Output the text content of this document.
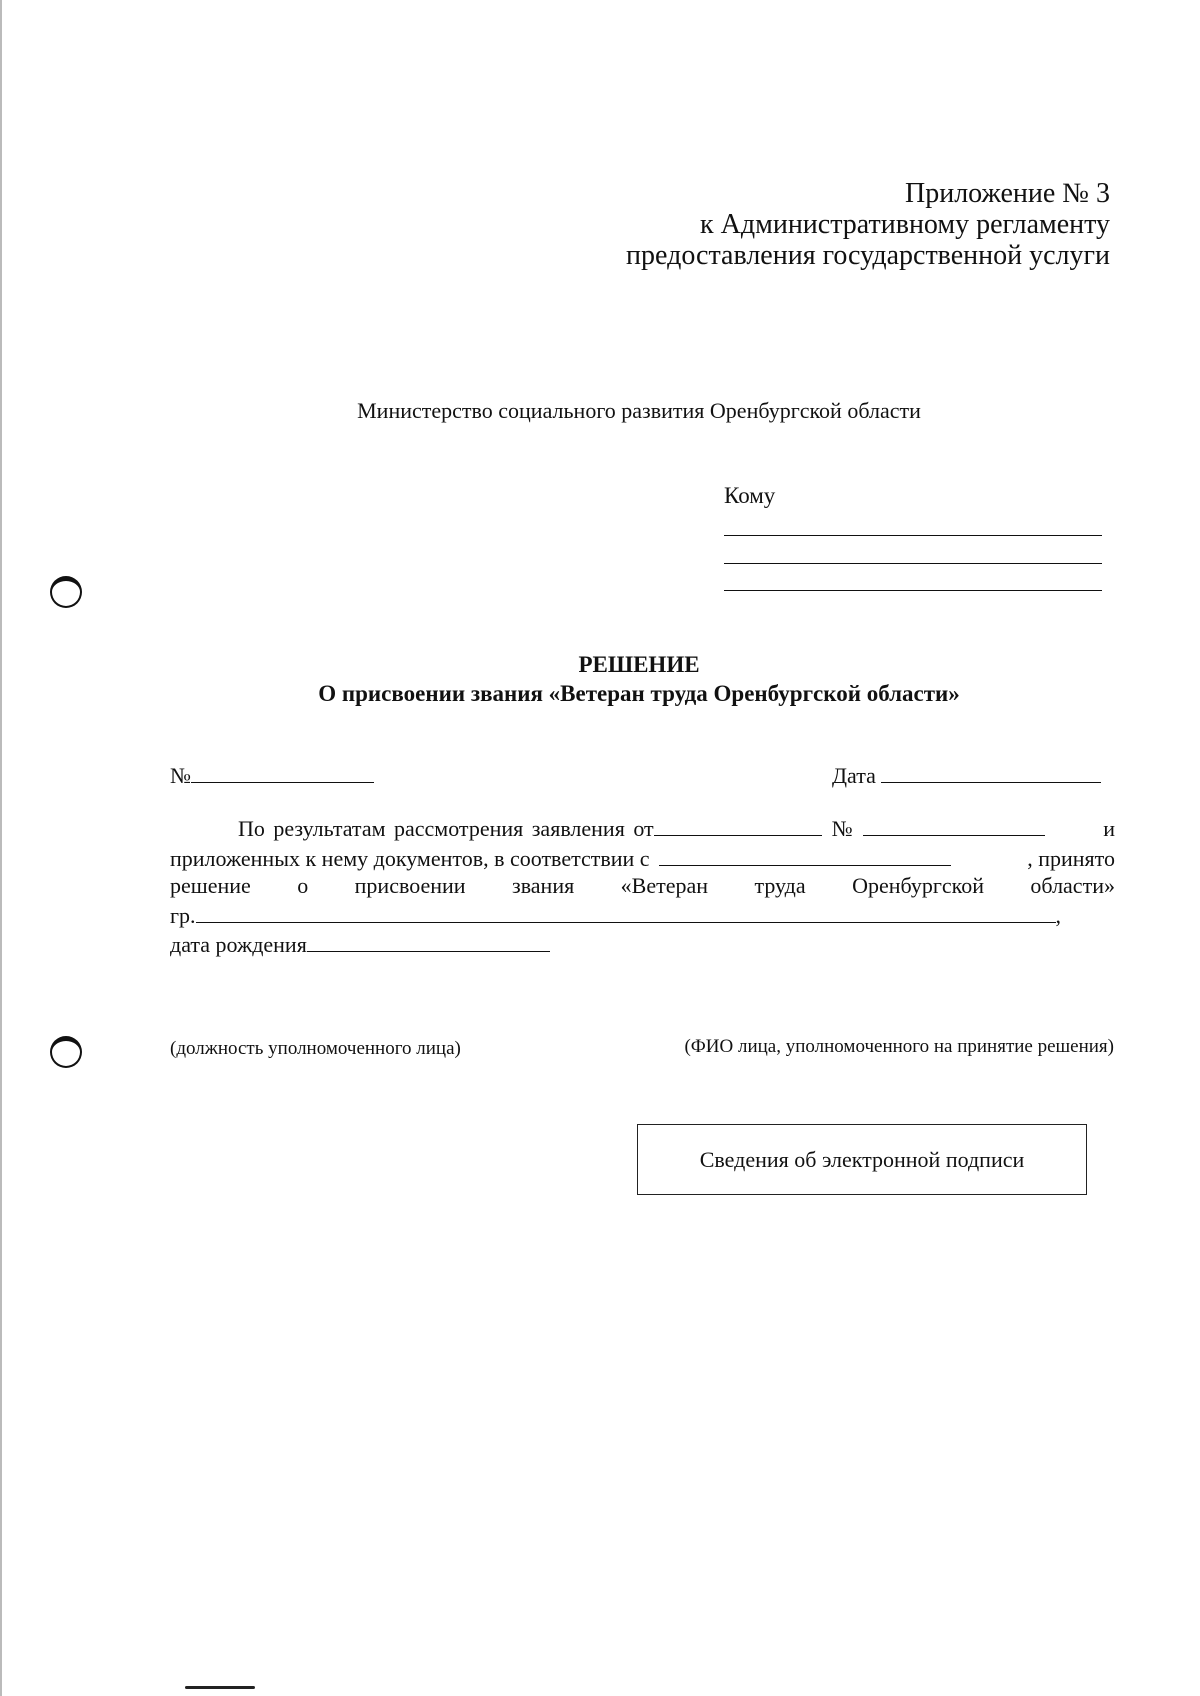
Приложение № 3
к Административному регламенту
предоставления государственной услуги
Министерство социального развития Оренбургской области
Кому
РЕШЕНИЕ
О присвоении звания «Ветеран труда Оренбургской области»
№	Дата
По результатам рассмотрения заявления от	№	и
приложенных к нему документов, в соответствии с	, принято
решение о присвоении звания «Ветеран труда Оренбургской области»
гр.	,
дата рождения
(должность уполномоченного лица)	(ФИО лица, уполномоченного на принятие решения)
Сведения об электронной подписи
